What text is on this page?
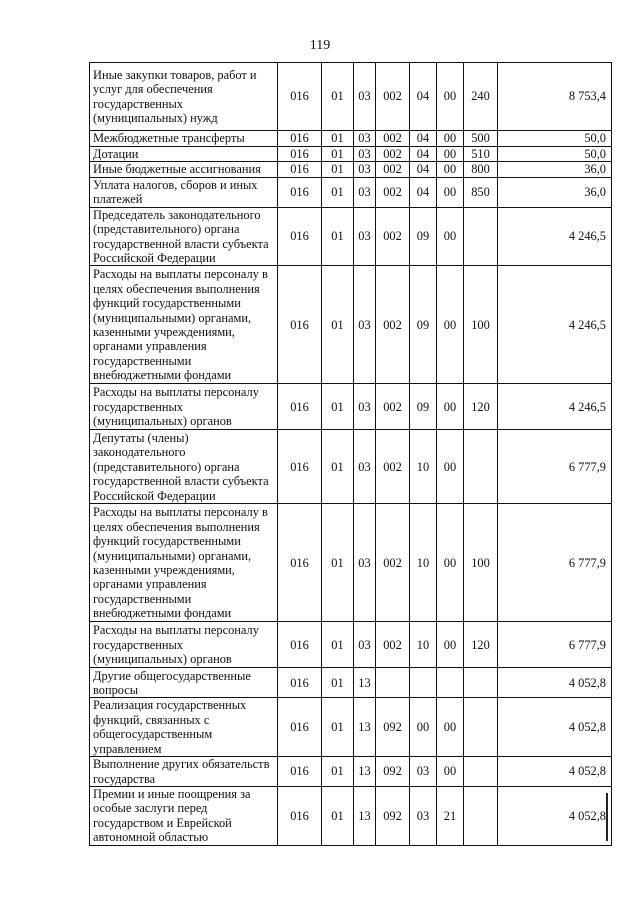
119
Иные закупки товаров, работ и услуг для обеспечения государственных (муниципальных) нужд	016	01	03	002	04	00	240	8 753,4
Межбюджетные трансферты	016	01	03	002	04	00	500	50,0
Дотации	016	01	03	002	04	00	510	50,0
Иные бюджетные ассигнования	016	01	03	002	04	00	800	36,0
Уплата налогов, сборов и иных платежей	016	01	03	002	04	00	850	36,0
Председатель законодательного (представительного) органа государственной власти субъекта Российской Федерации	016	01	03	002	09	00		4 246,5
Расходы на выплаты персоналу в целях обеспечения выполнения функций государственными (муниципальными) органами, казенными учреждениями, органами управления государственными внебюджетными фондами	016	01	03	002	09	00	100	4 246,5
Расходы на выплаты персоналу государственных (муниципальных) органов	016	01	03	002	09	00	120	4 246,5
Депутаты (члены) законодательного (представительного) органа государственной власти субъекта Российской Федерации	016	01	03	002	10	00		6 777,9
Расходы на выплаты персоналу в целях обеспечения выполнения функций государственными (муниципальными) органами, казенными учреждениями, органами управления государственными внебюджетными фондами	016	01	03	002	10	00	100	6 777,9
Расходы на выплаты персоналу государственных (муниципальных) органов	016	01	03	002	10	00	120	6 777,9
Другие общегосударственные вопросы	016	01	13					4 052,8
Реализация государственных функций, связанных с общегосударственным управлением	016	01	13	092	00	00		4 052,8
Выполнение других обязательств государства	016	01	13	092	03	00		4 052,8
Премии и иные поощрения за особые заслуги перед государством и Еврейской автономной областью	016	01	13	092	03	21		4 052,8
